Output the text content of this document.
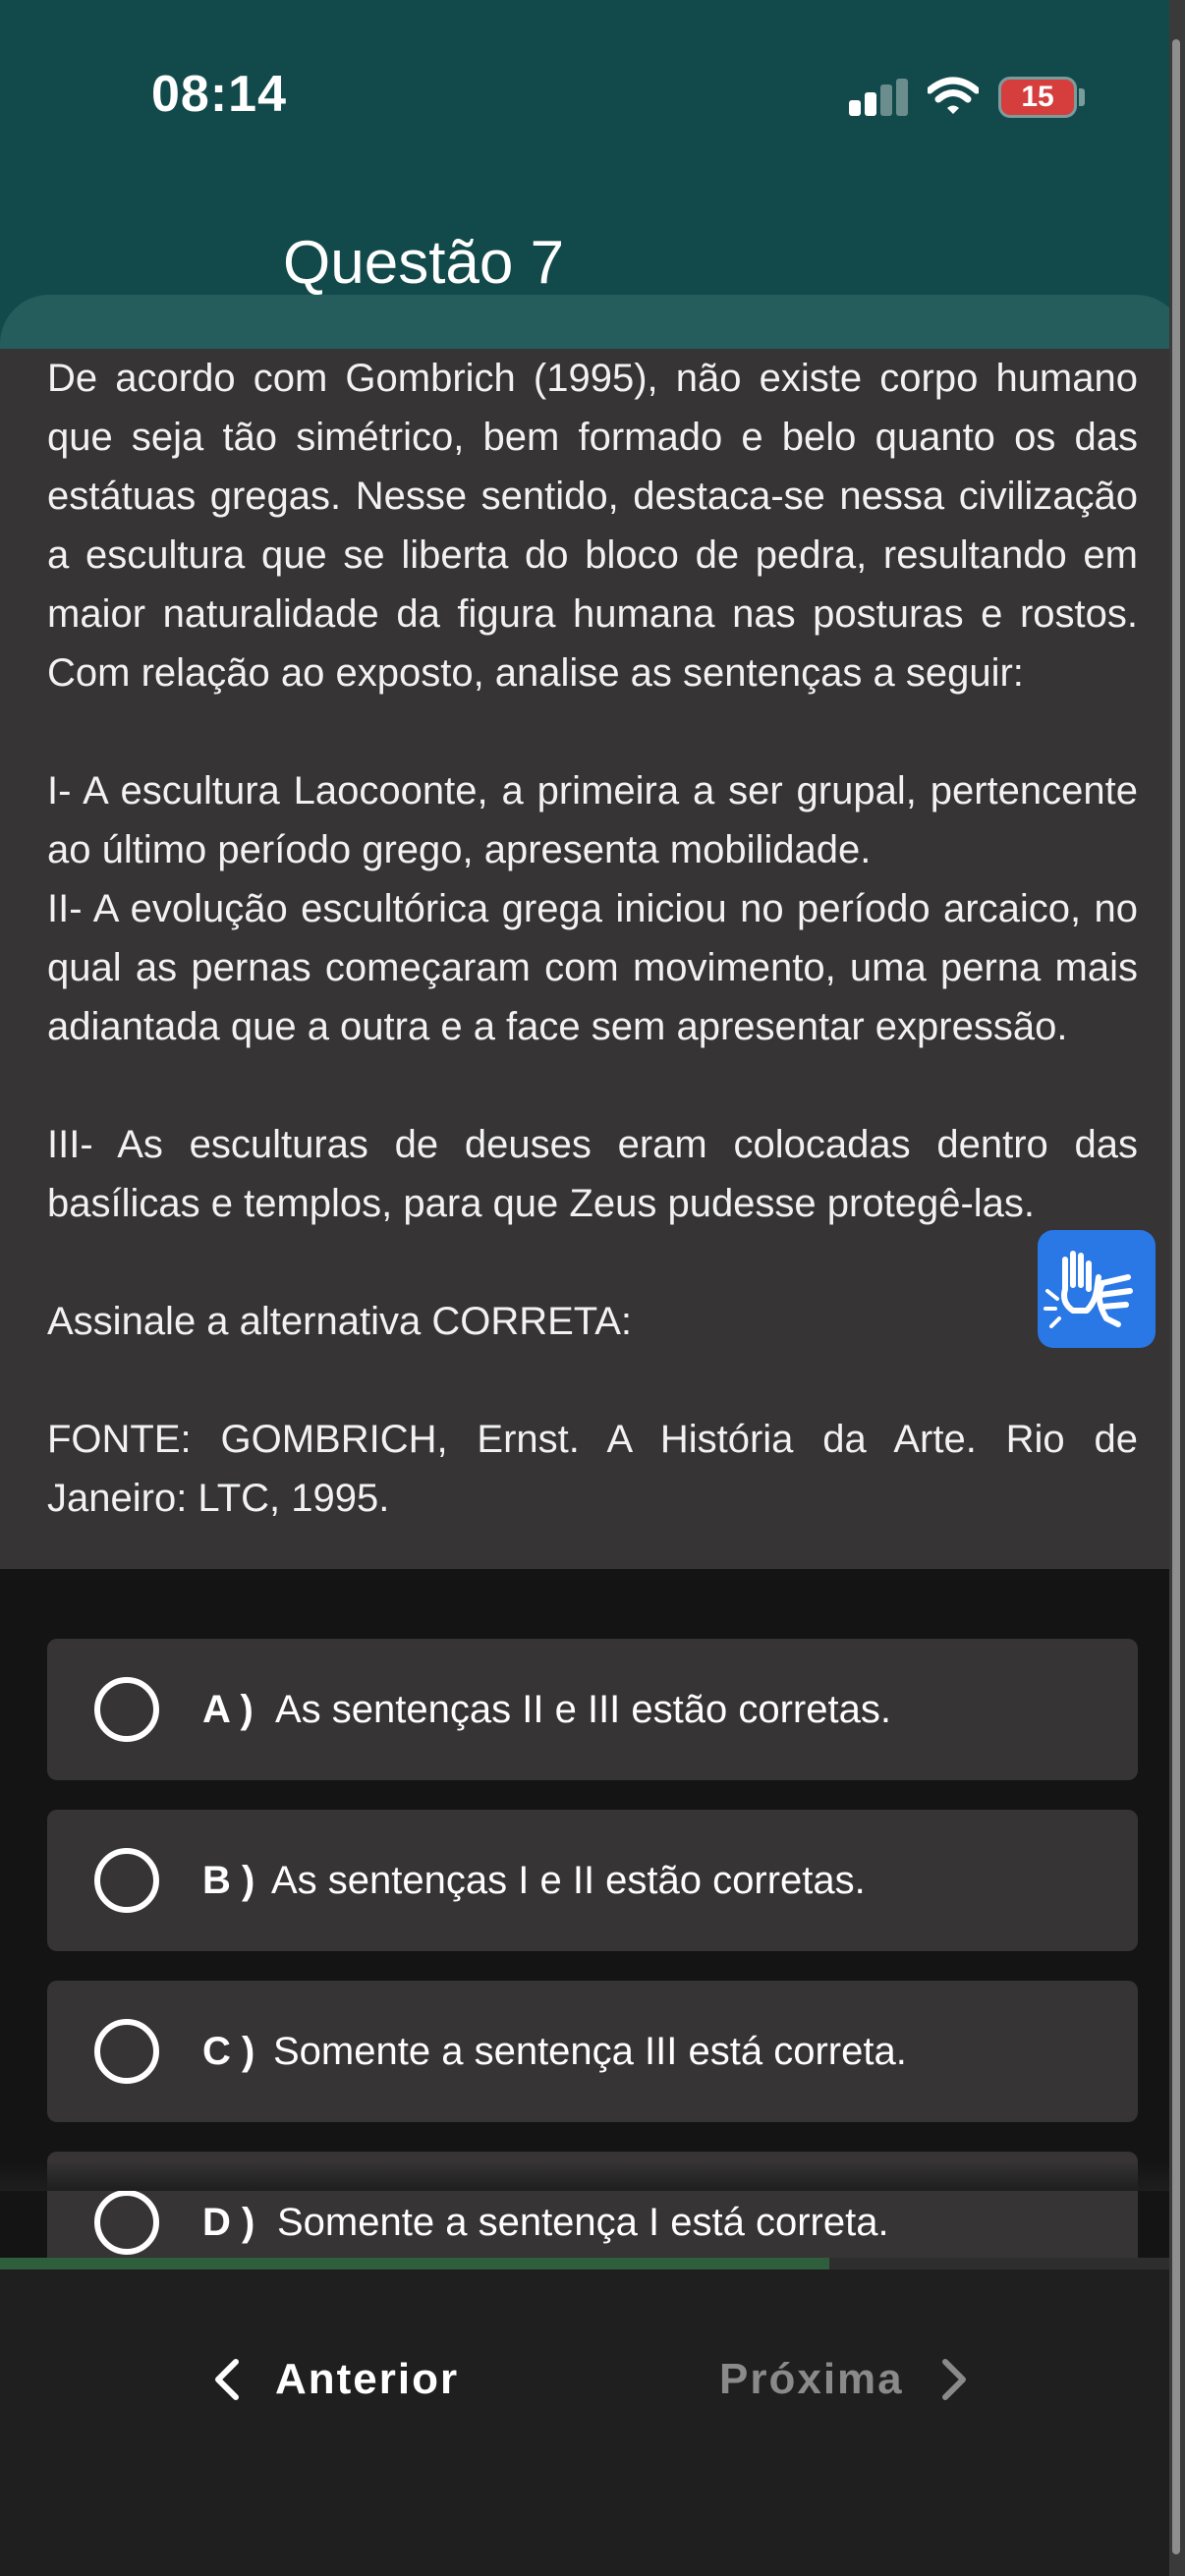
08:14	15
Questão 7

De acordo com Gombrich (1995), não existe corpo humano que seja tão simétrico, bem formado e belo quanto os das estátuas gregas. Nesse sentido, destaca-se nessa civilização a escultura que se liberta do bloco de pedra, resultando em maior naturalidade da figura humana nas posturas e rostos. Com relação ao exposto, analise as sentenças a seguir:

I- A escultura Laocoonte, a primeira a ser grupal, pertencente ao último período grego, apresenta mobilidade.

II- A evolução escultórica grega iniciou no período arcaico, no qual as pernas começaram com movimento, uma perna mais adiantada que a outra e a face sem apresentar expressão.

III- As esculturas de deuses eram colocadas dentro das basílicas e templos, para que Zeus pudesse protegê-las.

Assinale a alternativa CORRETA:

FONTE: GOMBRICH, Ernst. A História da Arte. Rio de Janeiro: LTC, 1995.

A ) As sentenças II e III estão corretas.
B ) As sentenças I e II estão corretas.
C ) Somente a sentença III está correta.
D ) Somente a sentença I está correta.
Anterior	Próxima
